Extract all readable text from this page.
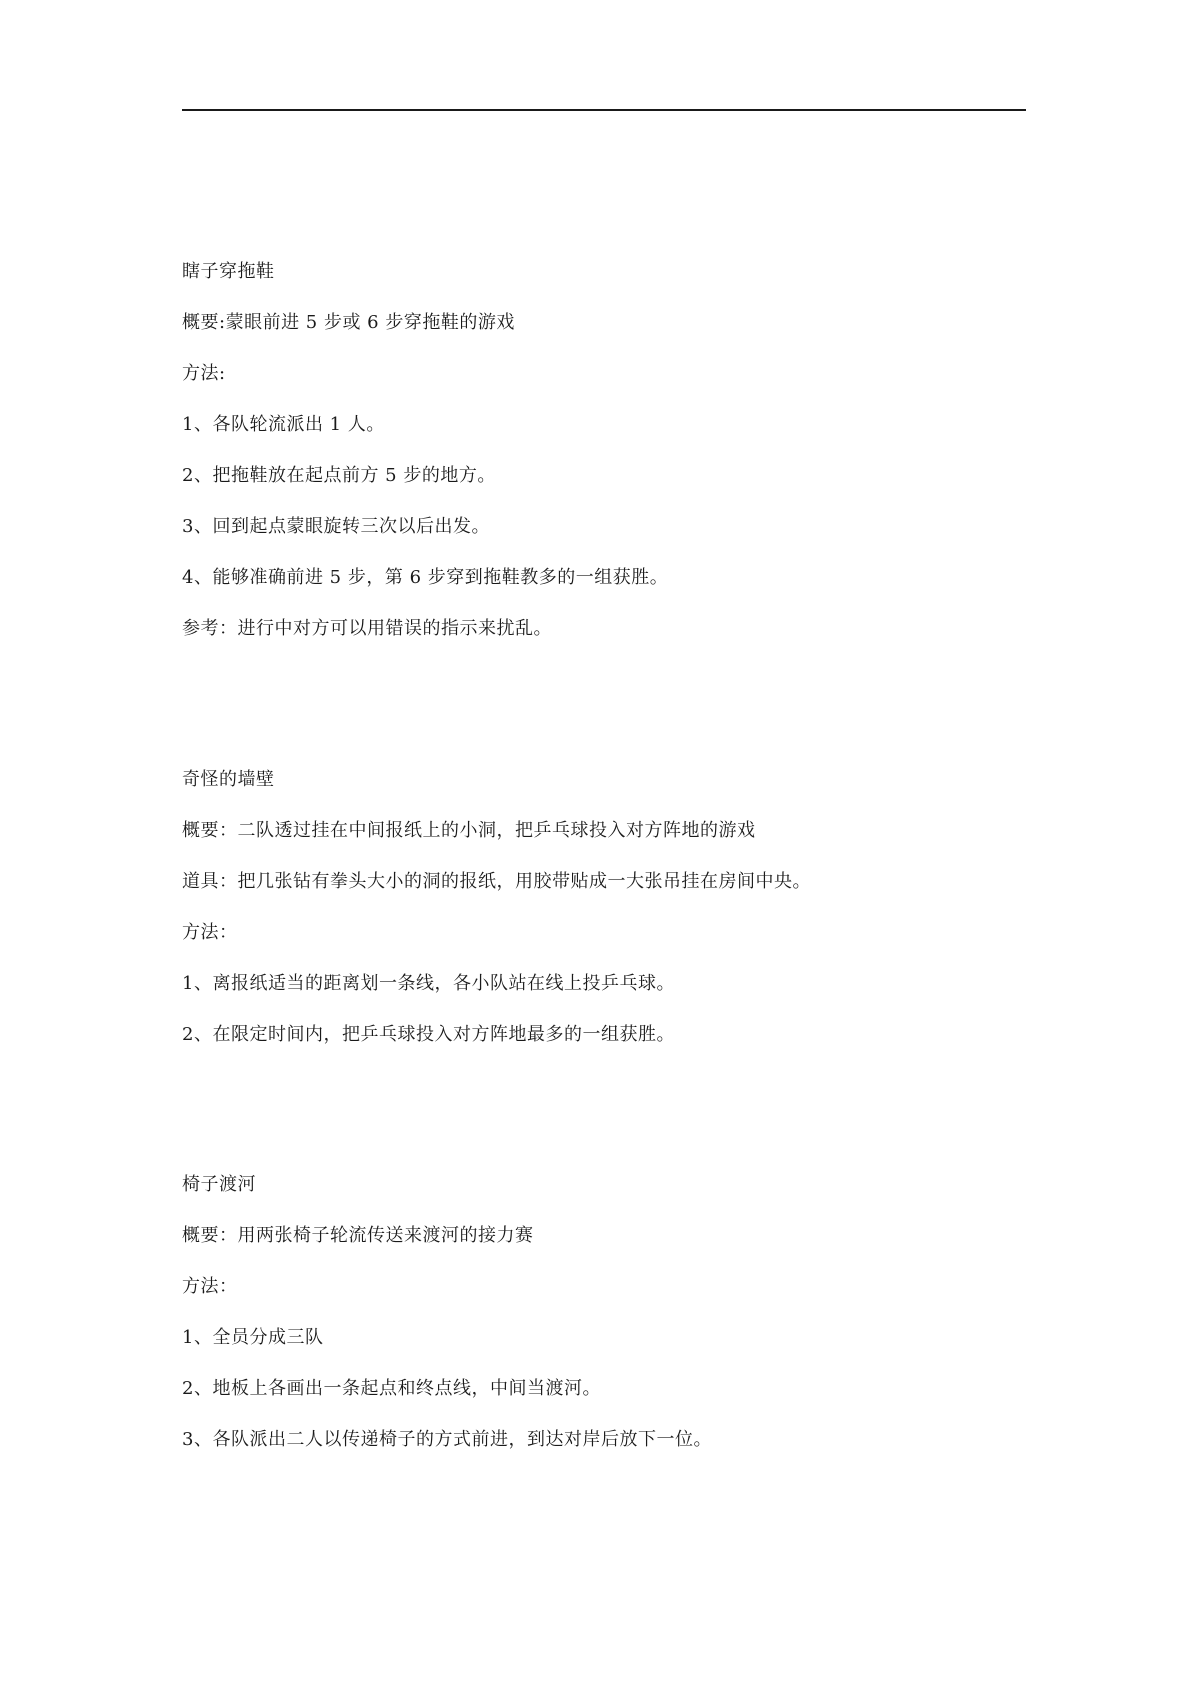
瞎子穿拖鞋
概要:蒙眼前进 5 步或 6 步穿拖鞋的游戏
方法:
1、各队轮流派出 1 人。
2、把拖鞋放在起点前方 5 步的地方。
3、回到起点蒙眼旋转三次以后出发。
4、能够准确前进 5 步，第 6 步穿到拖鞋教多的一组获胜。
参考：进行中对方可以用错误的指示来扰乱。
奇怪的墙壁
概要：二队透过挂在中间报纸上的小洞，把乒乓球投入对方阵地的游戏
道具：把几张钻有拳头大小的洞的报纸，用胶带贴成一大张吊挂在房间中央。
方法：
1、离报纸适当的距离划一条线，各小队站在线上投乒乓球。
2、在限定时间内，把乒乓球投入对方阵地最多的一组获胜。
椅子渡河
概要：用两张椅子轮流传送来渡河的接力赛
方法：
1、全员分成三队
2、地板上各画出一条起点和终点线，中间当渡河。
3、各队派出二人以传递椅子的方式前进，到达对岸后放下一位。
